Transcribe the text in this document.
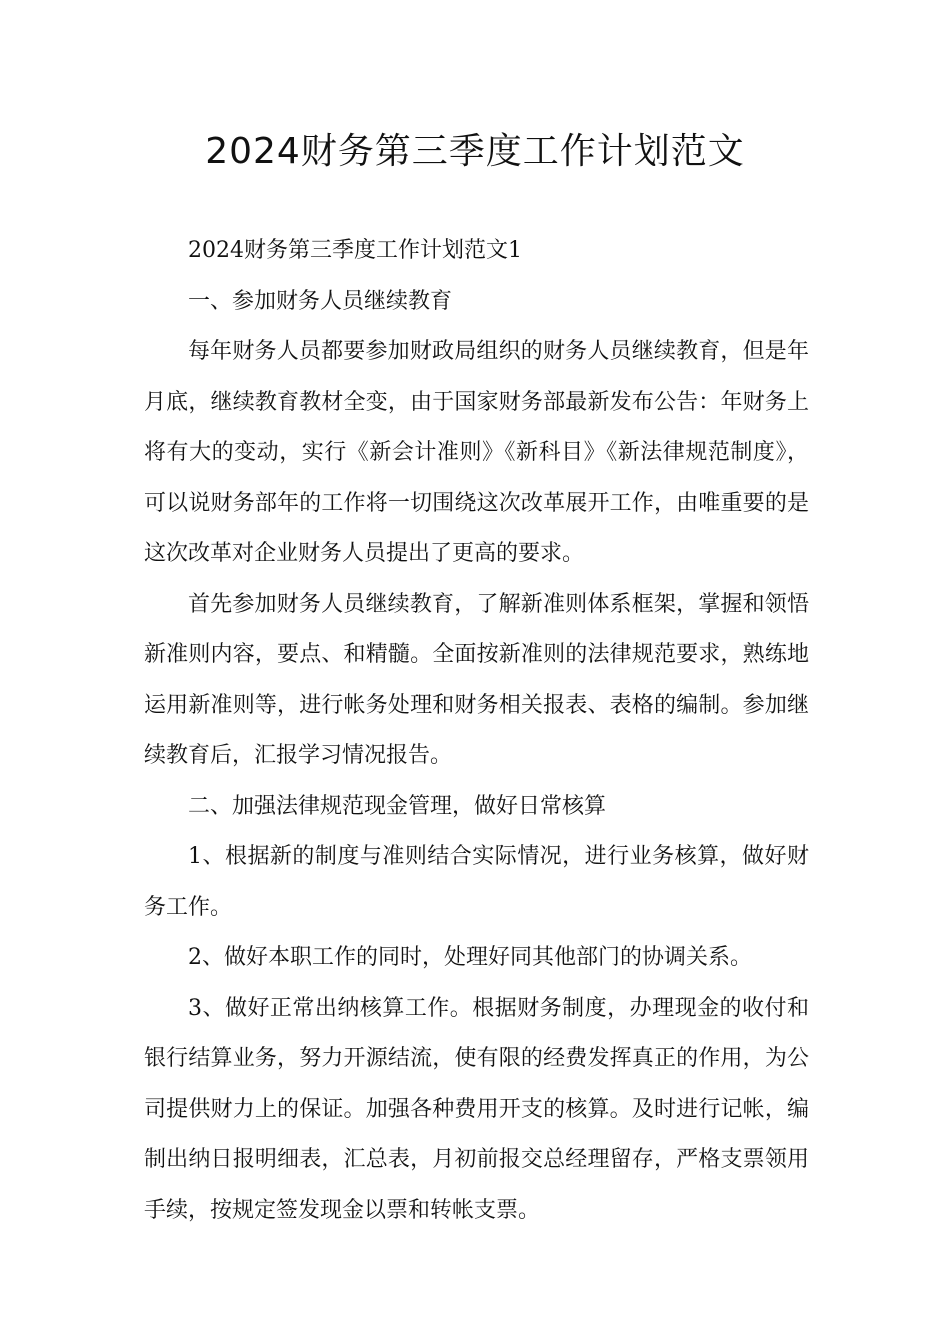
2024财务第三季度工作计划范文

2024财务第三季度工作计划范文1

一、参加财务人员继续教育

每年财务人员都要参加财政局组织的财务人员继续教育，但是年月底，继续教育教材全变，由于国家财务部最新发布公告：年财务上将有大的变动，实行《新会计准则》《新科目》《新法律规范制度》，可以说财务部年的工作将一切围绕这次改革展开工作，由唯重要的是这次改革对企业财务人员提出了更高的要求。

首先参加财务人员继续教育，了解新准则体系框架，掌握和领悟新准则内容，要点、和精髓。全面按新准则的法律规范要求，熟练地运用新准则等，进行帐务处理和财务相关报表、表格的编制。参加继续教育后，汇报学习情况报告。

二、加强法律规范现金管理，做好日常核算

1、根据新的制度与准则结合实际情况，进行业务核算，做好财务工作。

2、做好本职工作的同时，处理好同其他部门的协调关系。

3、做好正常出纳核算工作。根据财务制度，办理现金的收付和银行结算业务，努力开源结流，使有限的经费发挥真正的作用，为公司提供财力上的保证。加强各种费用开支的核算。及时进行记帐，编制出纳日报明细表，汇总表，月初前报交总经理留存，严格支票领用手续，按规定签发现金以票和转帐支票。
